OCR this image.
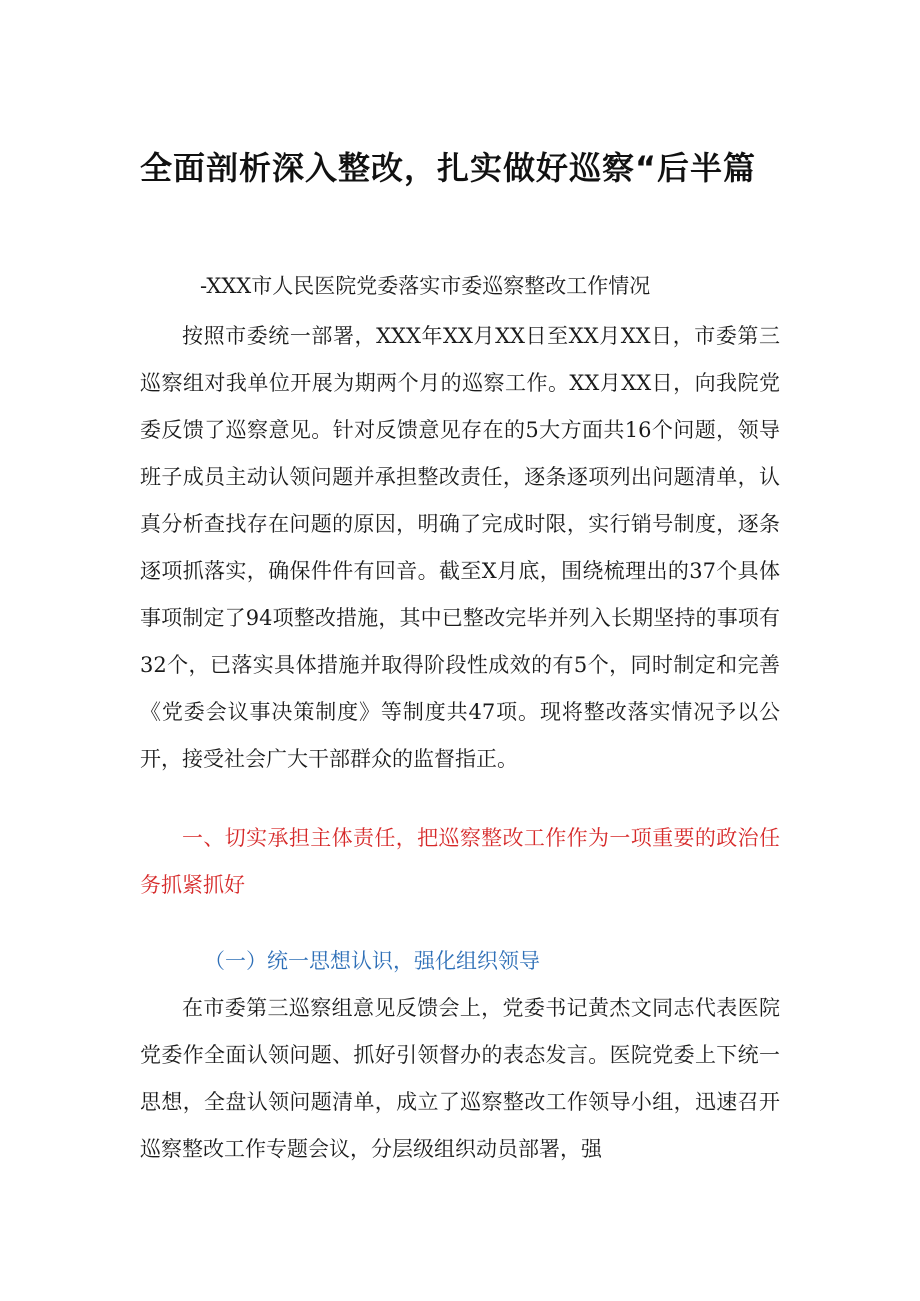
全面剖析深入整改，扎实做好巡察“后半篇
-XXX市人民医院党委落实市委巡察整改工作情况

按照市委统一部署，XXX年XX月XX日至XX月XX日，市委第三巡察组对我单位开展为期两个月的巡察工作。XX月XX日，向我院党委反馈了巡察意见。针对反馈意见存在的5大方面共16个问题，领导班子成员主动认领问题并承担整改责任，逐条逐项列出问题清单，认真分析查找存在问题的原因，明确了完成时限，实行销号制度，逐条逐项抓落实，确保件件有回音。截至X月底，围绕梳理出的37个具体事项制定了94项整改措施，其中已整改完毕并列入长期坚持的事项有32个，已落实具体措施并取得阶段性成效的有5个，同时制定和完善《党委会议事决策制度》等制度共47项。现将整改落实情况予以公开，接受社会广大干部群众的监督指正。

一、切实承担主体责任，把巡察整改工作作为一项重要的政治任务抓紧抓好

（一）统一思想认识，强化组织领导

在市委第三巡察组意见反馈会上，党委书记黄杰文同志代表医院党委作全面认领问题、抓好引领督办的表态发言。医院党委上下统一思想，全盘认领问题清单，成立了巡察整改工作领导小组，迅速召开巡察整改工作专题会议，分层级组织动员部署，强
